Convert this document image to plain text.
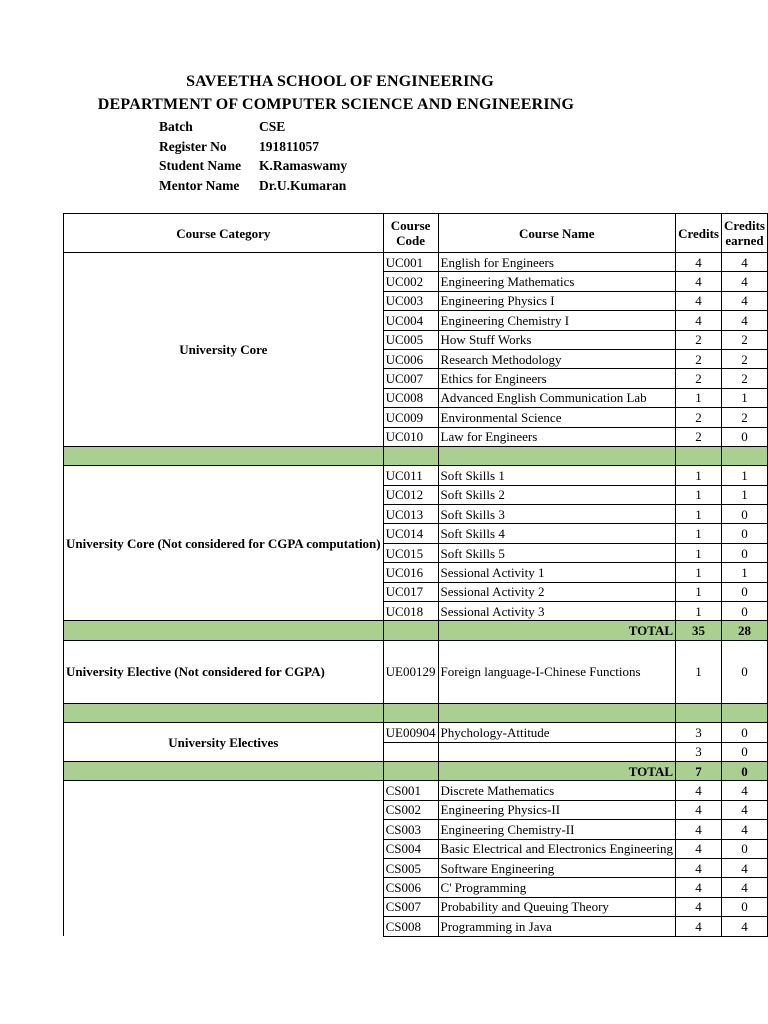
SAVEETHA SCHOOL OF ENGINEERING
DEPARTMENT OF COMPUTER SCIENCE AND ENGINEERING
Batch	CSE
Register No	191811057
Student Name	K.Ramaswamy
Mentor Name	Dr.U.Kumaran
Course Category	Course Code	Course Name	Credits	Credits earned
University Core	UC001	English for Engineers	4	4
	UC002	Engineering Mathematics	4	4
	UC003	Engineering Physics I	4	4
	UC004	Engineering Chemistry I	4	4
	UC005	How Stuff Works	2	2
	UC006	Research Methodology	2	2
	UC007	Ethics for Engineers	2	2
	UC008	Advanced English Communication Lab	1	1
	UC009	Environmental Science	2	2
	UC010	Law for Engineers	2	0

University Core (Not considered for CGPA computation)	UC011	Soft Skills 1	1	1
	UC012	Soft Skills 2	1	1
	UC013	Soft Skills 3	1	0
	UC014	Soft Skills 4	1	0
	UC015	Soft Skills 5	1	0
	UC016	Sessional Activity 1	1	1
	UC017	Sessional Activity 2	1	0
	UC018	Sessional Activity 3	1	0
		TOTAL	35	28
University Elective (Not considered for CGPA)	UE00129	Foreign language-I-Chinese Functions	1	0

University Electives	UE00904	Phychology-Attitude	3	0
			3	0
		TOTAL	7	0
	CS001	Discrete Mathematics	4	4
	CS002	Engineering Physics-II	4	4
	CS003	Engineering Chemistry-II	4	4
	CS004	Basic Electrical and Electronics Engineering	4	0
	CS005	Software Engineering	4	4
	CS006	C' Programming	4	4
	CS007	Probability and Queuing Theory	4	0
	CS008	Programming in Java	4	4
